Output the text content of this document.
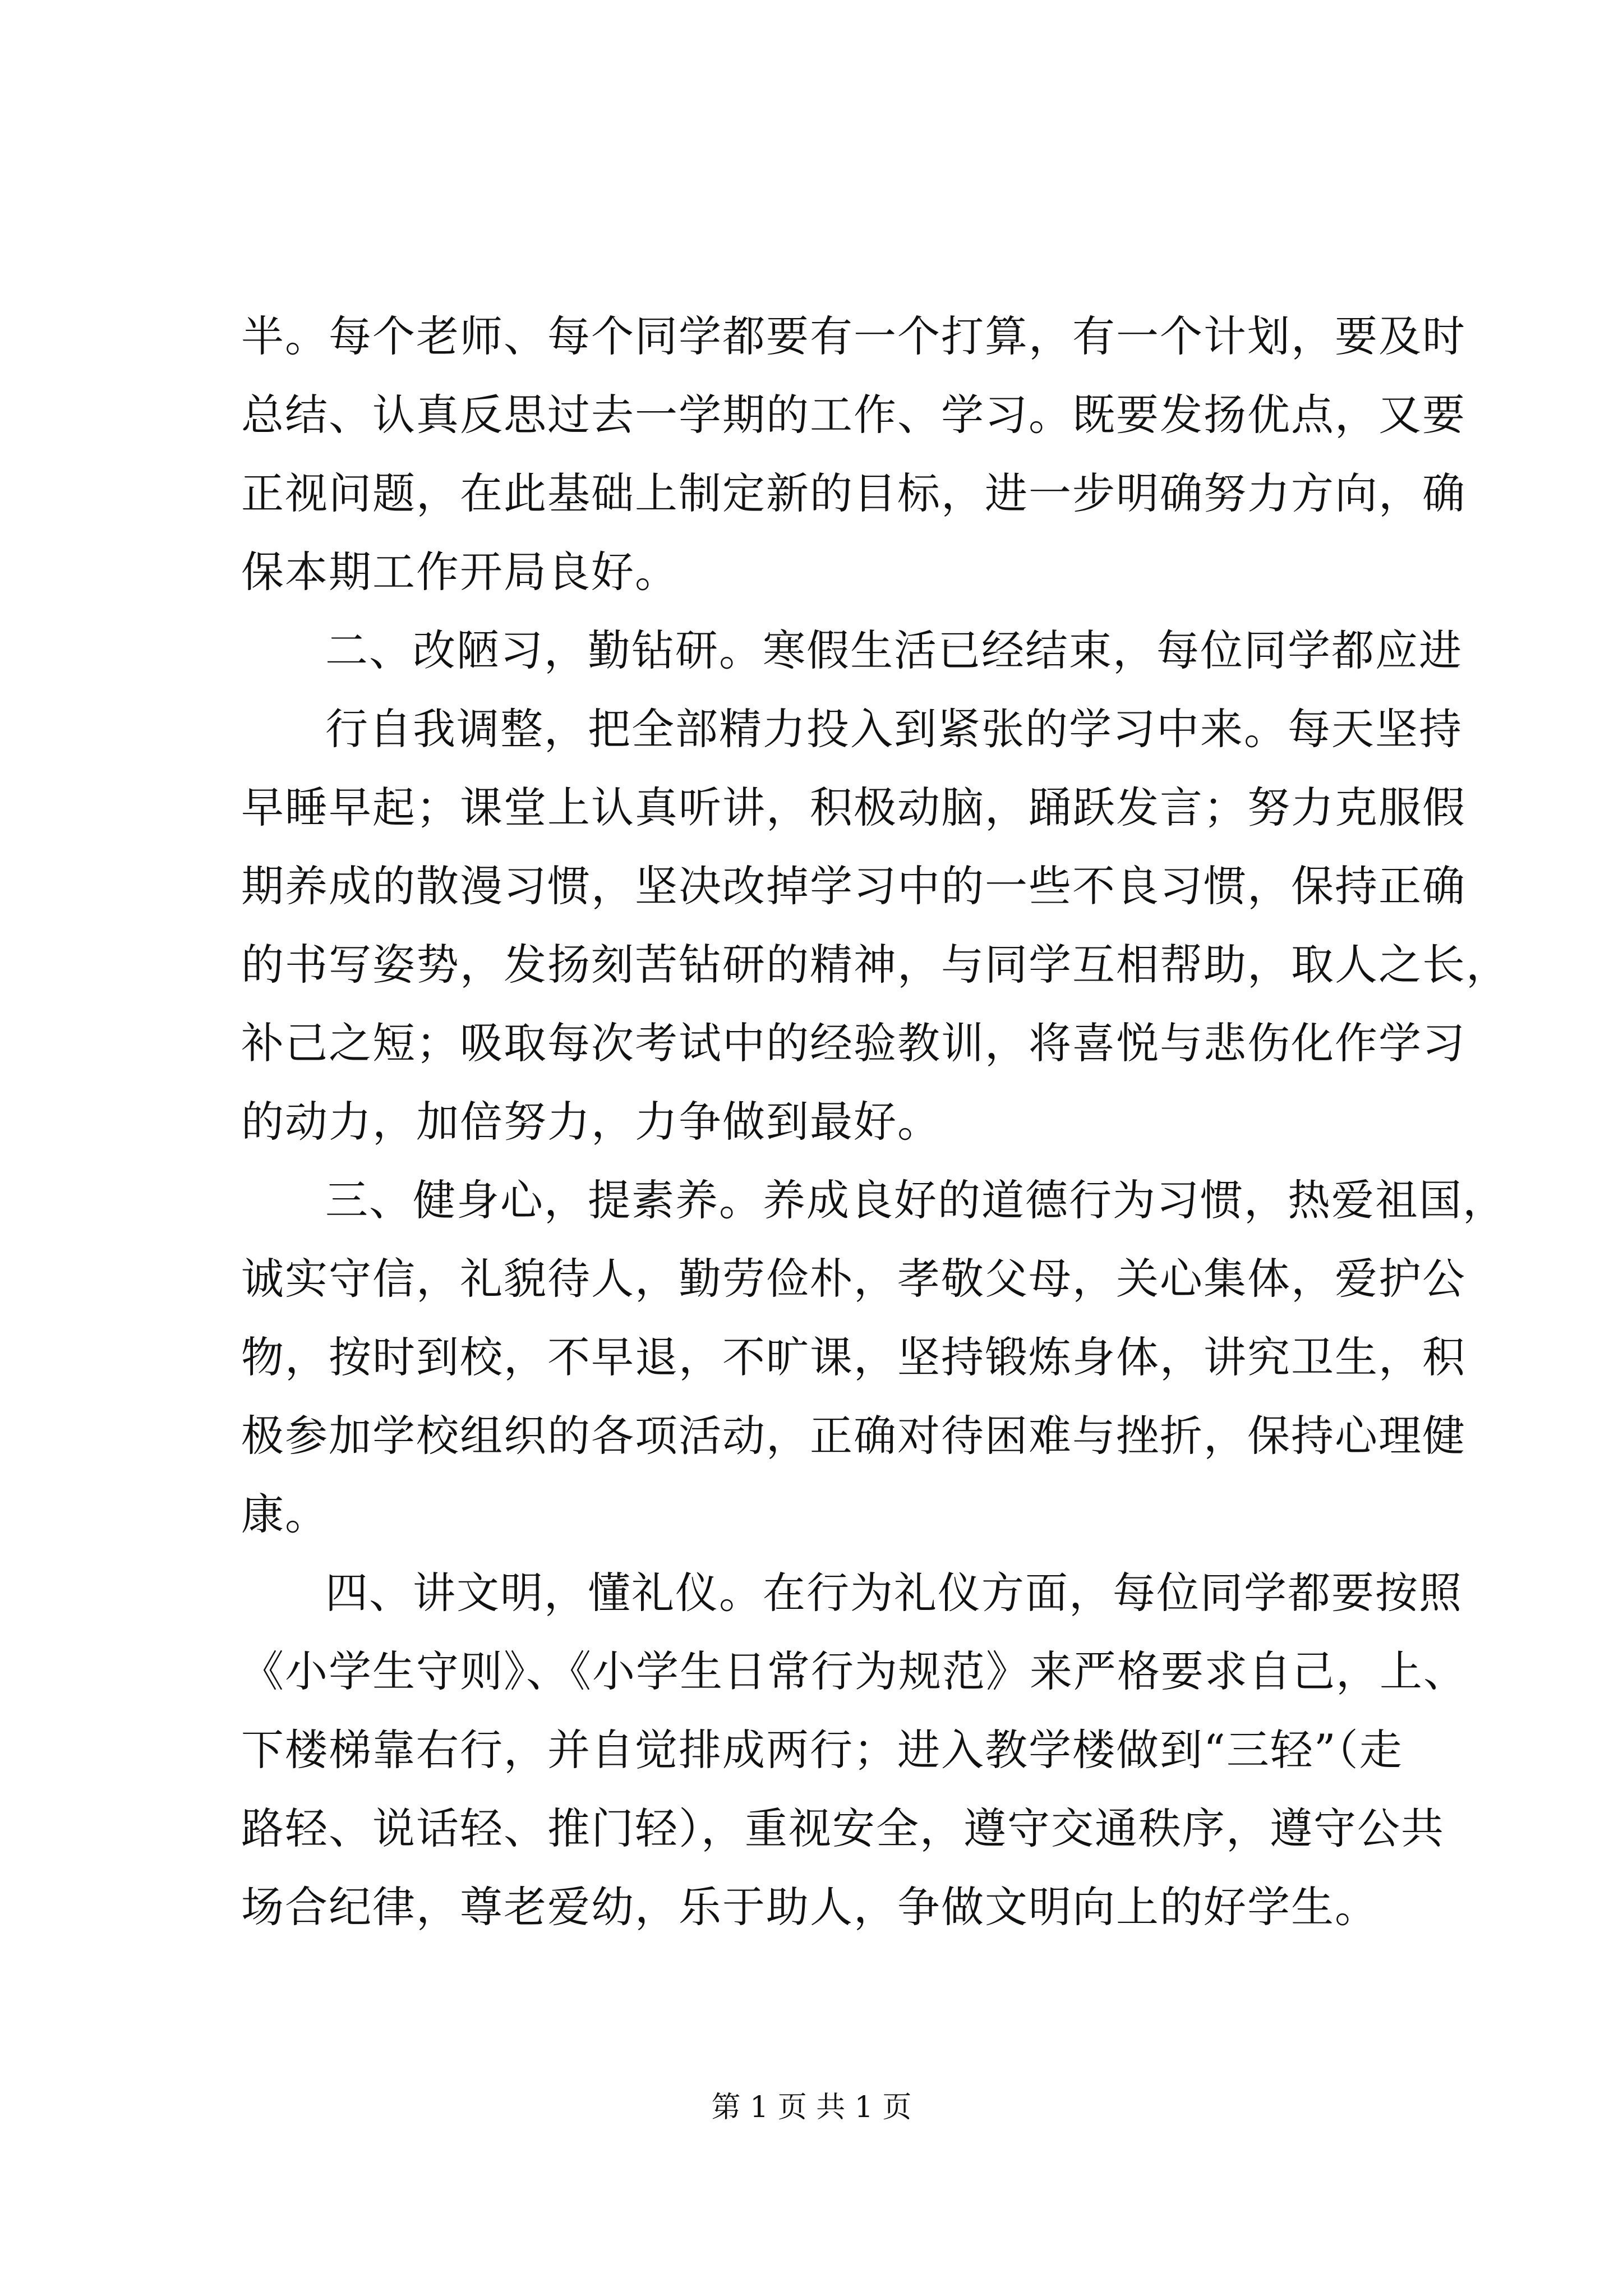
半。每个老师、每个同学都要有一个打算，有一个计划，要及时
总结、认真反思过去一学期的工作、学习。既要发扬优点，又要
正视问题，在此基础上制定新的目标，进一步明确努力方向，确
保本期工作开局良好。
二、改陋习，勤钻研。寒假生活已经结束，每位同学都应进
行自我调整，把全部精力投入到紧张的学习中来。每天坚持
早睡早起；课堂上认真听讲，积极动脑，踊跃发言；努力克服假
期养成的散漫习惯，坚决改掉学习中的一些不良习惯，保持正确
的书写姿势，发扬刻苦钻研的精神，与同学互相帮助，取人之长，
补己之短；吸取每次考试中的经验教训，将喜悦与悲伤化作学习
的动力，加倍努力，力争做到最好。
三、健身心，提素养。养成良好的道德行为习惯，热爱祖国，
诚实守信，礼貌待人，勤劳俭朴，孝敬父母，关心集体，爱护公
物，按时到校，不早退，不旷课，坚持锻炼身体，讲究卫生，积
极参加学校组织的各项活动，正确对待困难与挫折，保持心理健
康。
四、讲文明，懂礼仪。在行为礼仪方面，每位同学都要按照
《小学生守则》、《小学生日常行为规范》来严格要求自己，上、
下楼梯靠右行，并自觉排成两行；进入教学楼做到“三轻”（走
路轻、说话轻、推门轻），重视安全，遵守交通秩序，遵守公共
场合纪律，尊老爱幼，乐于助人，争做文明向上的好学生。
第 1 页 共 1 页
